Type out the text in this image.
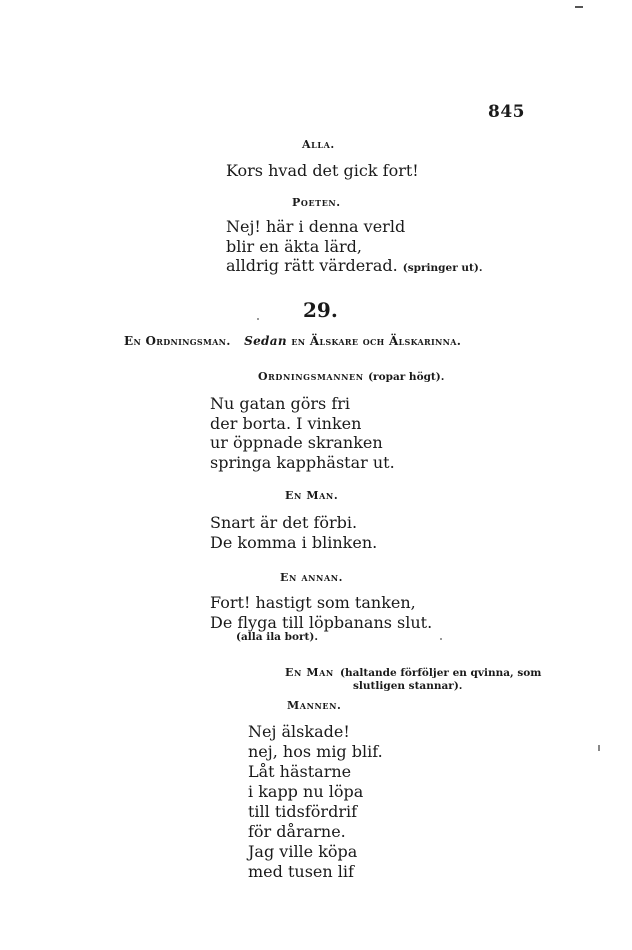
845
Alla.
Kors hvad det gick fort!
Poeten.
Nej! här i denna verld
blir en äkta lärd,
alldrig rätt värderad. (springer ut).
29.
En Ordningsman. Sedan en Älskare och Älskarinna.
Ordningsmannen (ropar högt).
Nu gatan görs fri
der borta. I vinken
ur öppnade skranken
springa kapphästar ut.
En Man.
Snart är det förbi.
De komma i blinken.
En annan.
Fort! hastigt som tanken,
De flyga till löpbanans slut.
(alla ila bort).
En Man (haltande förföljer en qvinna, som
slutligen stannar).
Mannen.
Nej älskade!
nej, hos mig blif.
Låt hästarne
i kapp nu löpa
till tidsfördrif
för dårarne.
Jag ville köpa
med tusen lif
